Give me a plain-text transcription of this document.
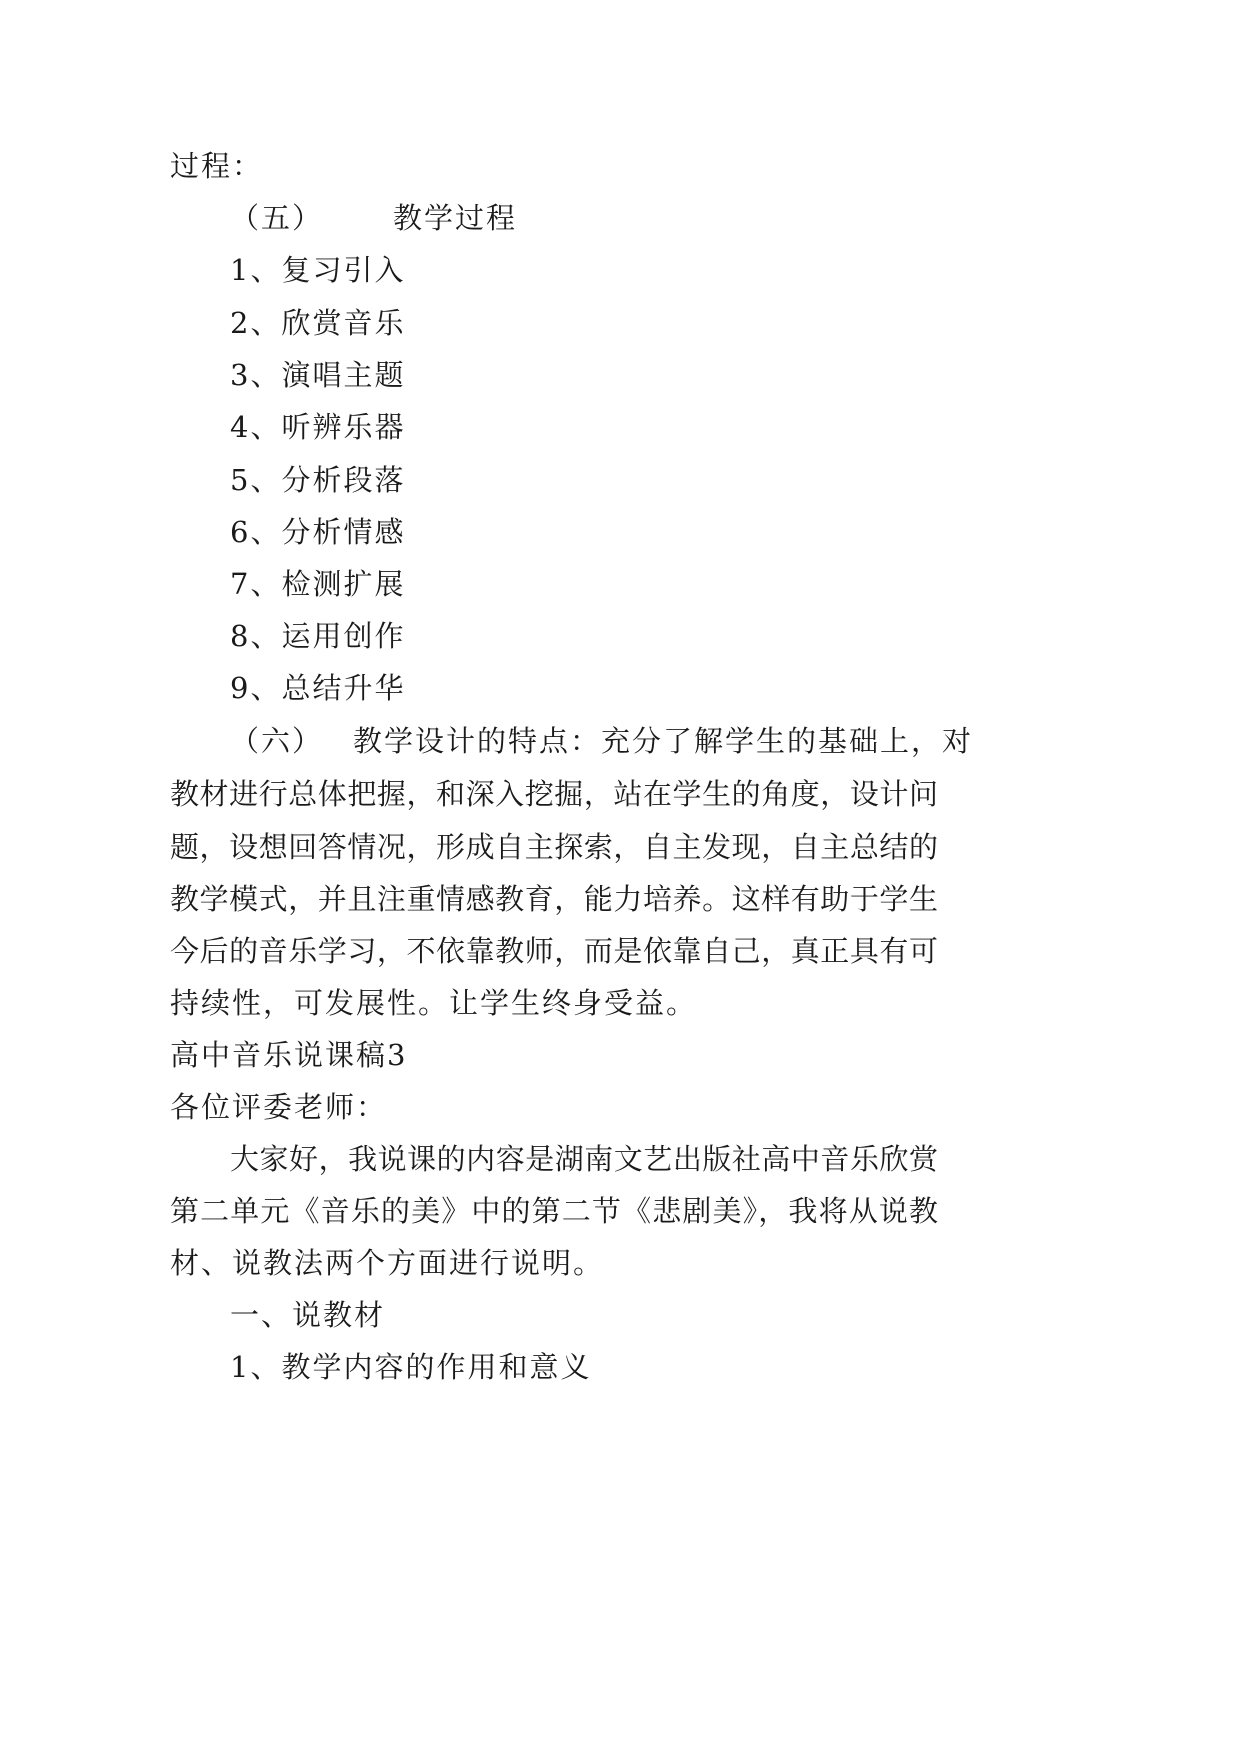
过程：
（五） 教学过程
1、复习引入
2、欣赏音乐
3、演唱主题
4、听辨乐器
5、分析段落
6、分析情感
7、检测扩展
8、运用创作
9、总结升华
（六） 教学设计的特点：充分了解学生的基础上，对
教材进行总体把握，和深入挖掘，站在学生的角度，设计问
题，设想回答情况，形成自主探索，自主发现，自主总结的
教学模式，并且注重情感教育，能力培养。这样有助于学生
今后的音乐学习，不依靠教师，而是依靠自己，真正具有可
持续性，可发展性。让学生终身受益。
高中音乐说课稿3
各位评委老师：
大家好，我说课的内容是湖南文艺出版社高中音乐欣赏
第二单元《音乐的美》中的第二节《悲剧美》，我将从说教
材、说教法两个方面进行说明。
一、说教材
1、教学内容的作用和意义
